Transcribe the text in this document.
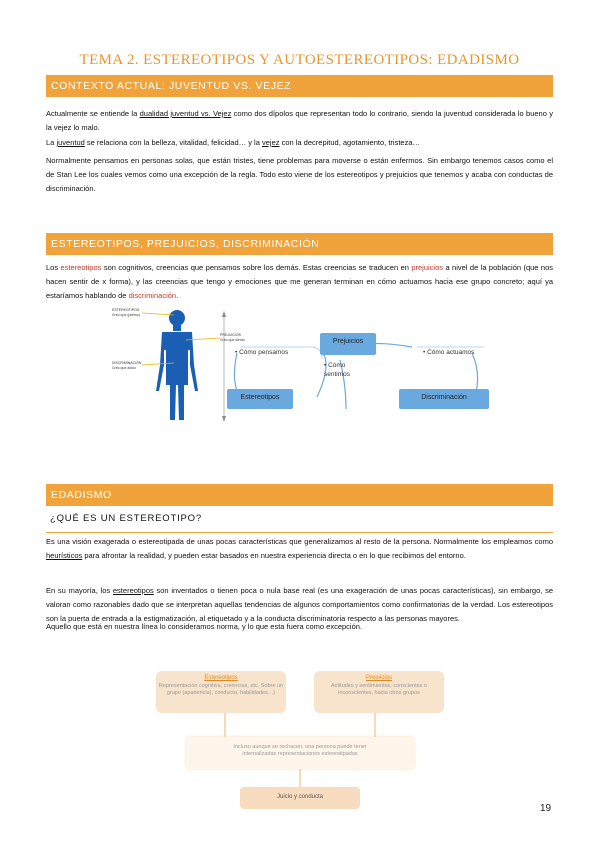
TEMA 2. ESTEREOTIPOS Y AUTOESTEREOTIPOS: EDADISMO
CONTEXTO ACTUAL: JUVENTUD VS. VEJEZ
Actualmente se entiende la dualidad juventud vs. Vejez como dos dípolos que representan todo lo contrario, siendo la juventud considerada lo bueno y la vejez lo malo.
La juventud se relaciona con la belleza, vitalidad, felicidad… y la vejez con la decrepitud, agotamiento, tristeza…
Normalmente pensamos en personas solas, que están tristes, tiene problemas para moverse o están enfermos. Sin embargo tenemos casos como el de Stan Lee los cuales vemos como una excepción de la regla. Todo esto viene de los estereotipos y prejuicios que tenemos y acaba con conductas de discriminación.
ESTEREOTIPOS, PREJUICIOS, DISCRIMINACIÓN
Los estereotipos son cognitivos, creencias que pensamos sobre los demás. Estas creencias se traducen en prejuicios a nivel de la población (que nos hacen sentir de x forma), y las creencias que tengo y emociones que me generan terminan en cómo actuamos hacia ese grupo concreto; aquí ya estaríamos hablando de discriminación.
ESTEREOTIPOS
Creo que (pienso)
PREJUICIOS
Creo que siento
DISCRIMINACIÓN
Creo que actúo
• Cómo pensamos
• Cómo sentimos
• Cómo actuamos
Estereotipos
Prejuicios
Discriminación
EDADISMO
¿QUÉ ES UN ESTEREOTIPO?
Es una visión exagerada o estereotipada de unas pocas características que generalizamos al resto de la persona. Normalmente los empleamos como heurísticos para afrontar la realidad, y pueden estar basados en nuestra experiencia directa o en lo que recibimos del entorno.
En su mayoría, los estereotipos son inventados o tienen poca o nula base real (es una exageración de unas pocas características), sin embargo, se valoran como razonables dado que se interpretan aquellas tendencias de algunos comportamientos como confirmatorias de la verdad. Los estereotipos son la puerta de entrada a la estigmatización, al etiquetado y a la conducta discriminatoria respecto a las personas mayores.
Aquello que está en nuestra línea lo consideramos norma, y lo que esta fuera como excepción.
Estereotipos
Representación cognitiva, creencias, etc. Sobre un grupo (apariencia), conducta, habilidades…)
Prejuicios
Actitudes y sentimientos, conscientes o inconscientes, hacia otros grupos
Incluso aunque se rechacen, una persona puede tener internalizadas representaciones estereotipadas
Juicio y conducta
19
